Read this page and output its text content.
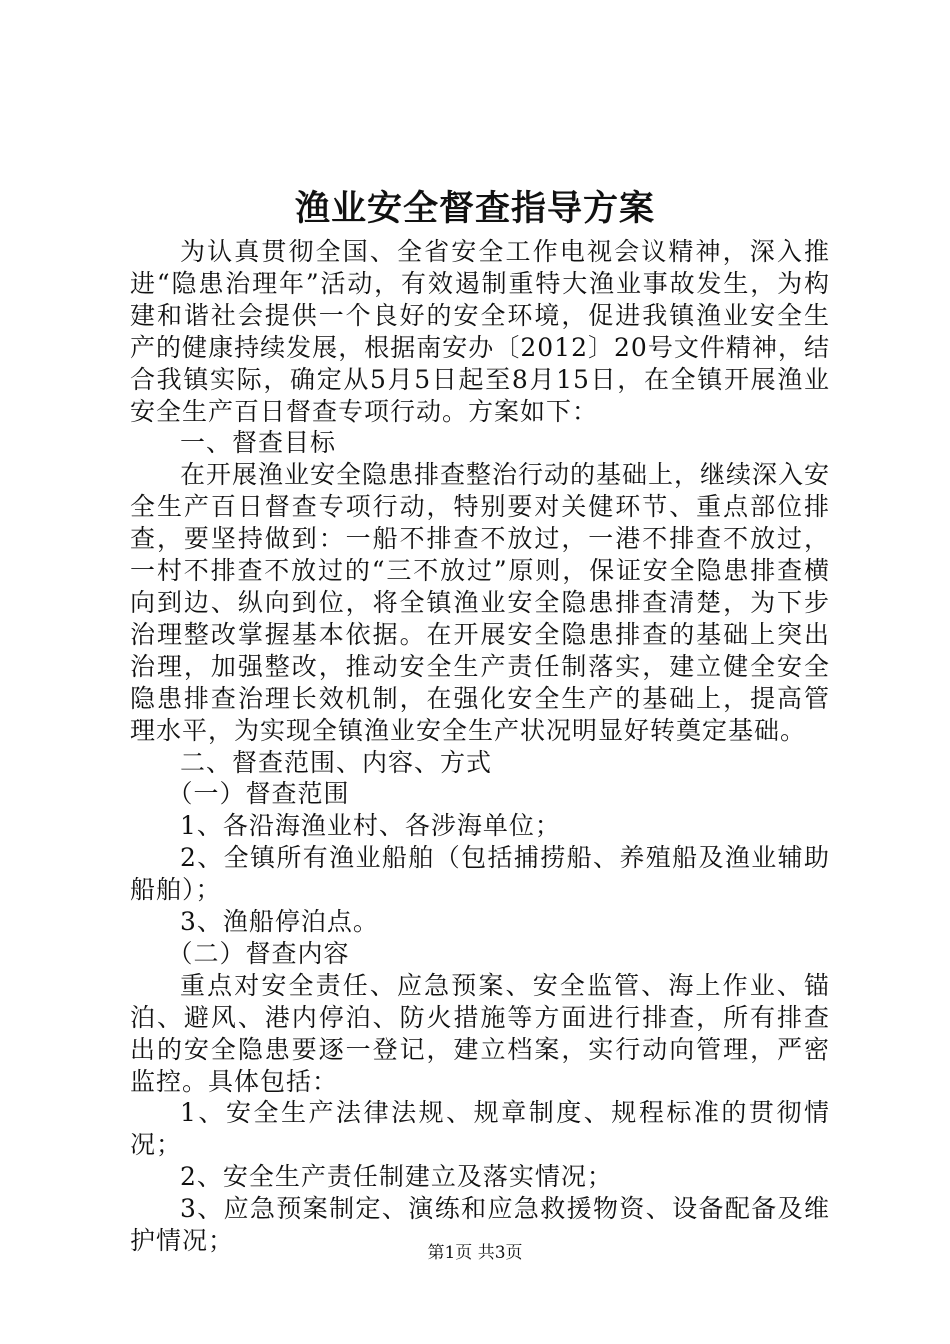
渔业安全督查指导方案

为认真贯彻全国、全省安全工作电视会议精神，深入推进“隐患治理年”活动，有效遏制重特大渔业事故发生，为构建和谐社会提供一个良好的安全环境，促进我镇渔业安全生产的健康持续发展，根据南安办〔2012〕20号文件精神，结合我镇实际，确定从5月5日起至8月15日，在全镇开展渔业安全生产百日督查专项行动。方案如下：

一、督查目标

在开展渔业安全隐患排查整治行动的基础上，继续深入安全生产百日督查专项行动，特别要对关健环节、重点部位排查，要坚持做到：一船不排查不放过，一港不排查不放过，一村不排查不放过的“三不放过”原则，保证安全隐患排查横向到边、纵向到位，将全镇渔业安全隐患排查清楚，为下步治理整改掌握基本依据。在开展安全隐患排查的基础上突出治理，加强整改，推动安全生产责任制落实，建立健全安全隐患排查治理长效机制，在强化安全生产的基础上，提高管理水平，为实现全镇渔业安全生产状况明显好转奠定基础。

二、督查范围、内容、方式

（一）督查范围

1、各沿海渔业村、各涉海单位；

2、全镇所有渔业船舶（包括捕捞船、养殖船及渔业辅助船舶）；

3、渔船停泊点。

（二）督查内容

重点对安全责任、应急预案、安全监管、海上作业、锚泊、避风、港内停泊、防火措施等方面进行排查，所有排查出的安全隐患要逐一登记，建立档案，实行动向管理，严密监控。具体包括：

1、安全生产法律法规、规章制度、规程标准的贯彻情况；

2、安全生产责任制建立及落实情况；

3、应急预案制定、演练和应急救援物资、设备配备及维护情况；	第1页 共3页
